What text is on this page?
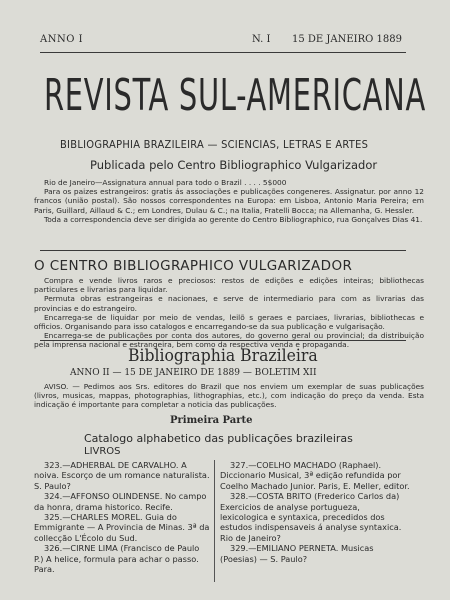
ANNO I	N. I 15 DE JANEIRO 1889
REVISTA SUL-AMERICANA
BIBLIOGRAPHIA BRAZILEIRA — SCIENCIAS, LETRAS E ARTES
Publicada pelo Centro Bibliographico Vulgarizador

Rio de Janeiro—Assignatura annual para todo o Brazil . . . . 5$000

Para os paizes estrangeiros: gratis ás associações e publicações congeneres. Assignatur. por anno 12 francos (união postal). São nossos correspondentes na Europa: em Lisboa, Antonio Maria Pereira; em Paris, Guillard, Aillaud & C.; em Londres, Dulau & C.; na Italia, Fratelli Bocca; na Allemanha, G. Hessler.

Toda a correspondencia deve ser dirigida ao gerente do Centro Bibliographico, rua Gonçalves Dias 41.

O CENTRO BIBLIOGRAPHICO VULGARIZADOR

Compra e vende livros raros e preciosos: restos de edições e edições inteiras; bibliothecas particulares e livrarias para liquidar.

Permuta obras estrangeiras e nacionaes, e serve de intermediario para com as livrarias das provincias e do estrangeiro.

Encarrega-se de liquidar por meio de vendas, leilõ s geraes e parciaes, livrarias, bibliothecas e officios. Organisando para isso catalogos e encarregando-se da sua publicação e vulgarisação.

Encarrega-se de publicações por conta dos autores, do governo geral ou provincial; da distribuição pela imprensa nacional e estrangeira, bem como da respectiva venda e propaganda.

Bibliographia Brazileira
ANNO II — 15 DE JANEIRO DE 1889 — BOLETIM XII

AVISO. — Pedimos aos Srs. editores do Brazil que nos enviem um exemplar de suas publicações (livros, musicas, mappas, photographias, lithographias, etc.), com indicação do preço da venda. Esta indicação é importante para completar a noticia das publicações.

Primeira Parte
Catalogo alphabetico das publicações brazileiras
LIVROS

323.—ADHERBAL DE CARVALHO. A noiva. Escorço de um romance naturalista. S. Paulo?

324.—AFFONSO OLINDENSE. No campo da honra, drama historico. Recife.

325.—CHARLES MOREL. Guia do Emmigrante — A Provincia de Minas. 3ª da collecção L'Écolo du Sud.

326.—CIRNE LIMA (Francisco de Paulo P.) A helice, formula para achar o passo. Para.

327.—COELHO MACHADO (Raphael). Diccionario Musical, 3ª edição refundida por Coelho Machado Junior. Paris, E. Meller, editor.

328.—COSTA BRITO (Frederico Carlos da) Exercicios de analyse portugueza, lexicologica e syntaxica, precedidos dos estudos indispensaveis á analyse syntaxica. Rio de Janeiro?

329.—EMILIANO PERNETA. Musicas (Poesias) — S. Paulo?
